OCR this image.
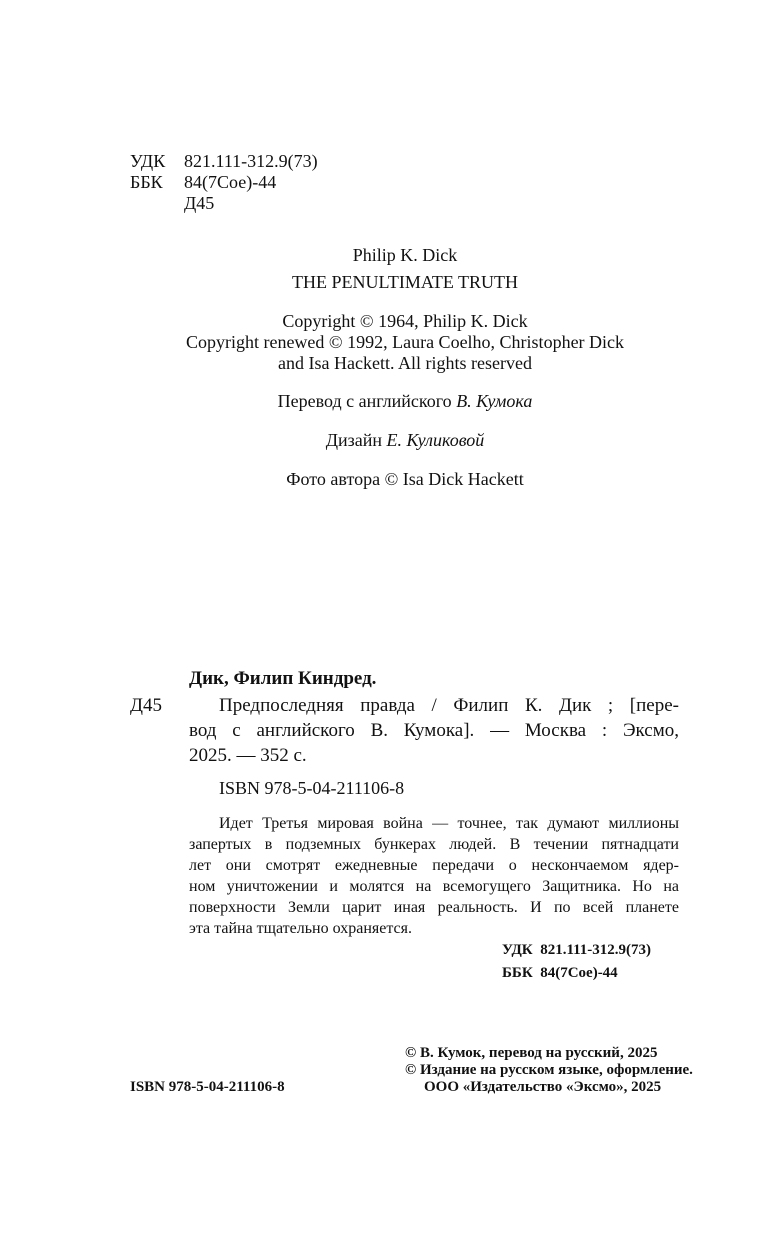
УДК 821.111-312.9(73)
ББК 84(7Сое)-44
Д45
Philip K. Dick
THE PENULTIMATE TRUTH
Copyright © 1964, Philip K. Dick
Copyright renewed © 1992, Laura Coelho, Christopher Dick
and Isa Hackett. All rights reserved
Перевод с английского В. Кумока
Дизайн Е. Куликовой
Фото автора © Isa Dick Hackett
Дик, Филип Киндред.
Д45	Предпоследняя правда / Филип К. Дик ; [пере-
вод с английского В. Кумока]. — Москва : Эксмо,
2025. — 352 с.
ISBN 978-5-04-211106-8
Идет Третья мировая война — точнее, так думают миллионы
запертых в подземных бункерах людей. В течении пятнадцати
лет они смотрят ежедневные передачи о нескончаемом ядер-
ном уничтожении и молятся на всемогущего Защитника. Но на
поверхности Земли царит иная реальность. И по всей планете
эта тайна тщательно охраняется.
УДК  821.111-312.9(73)
ББК  84(7Сое)-44
ISBN 978-5-04-211106-8
© В. Кумок, перевод на русский, 2025
© Издание на русском языке, оформление.
ООО «Издательство «Эксмо», 2025
